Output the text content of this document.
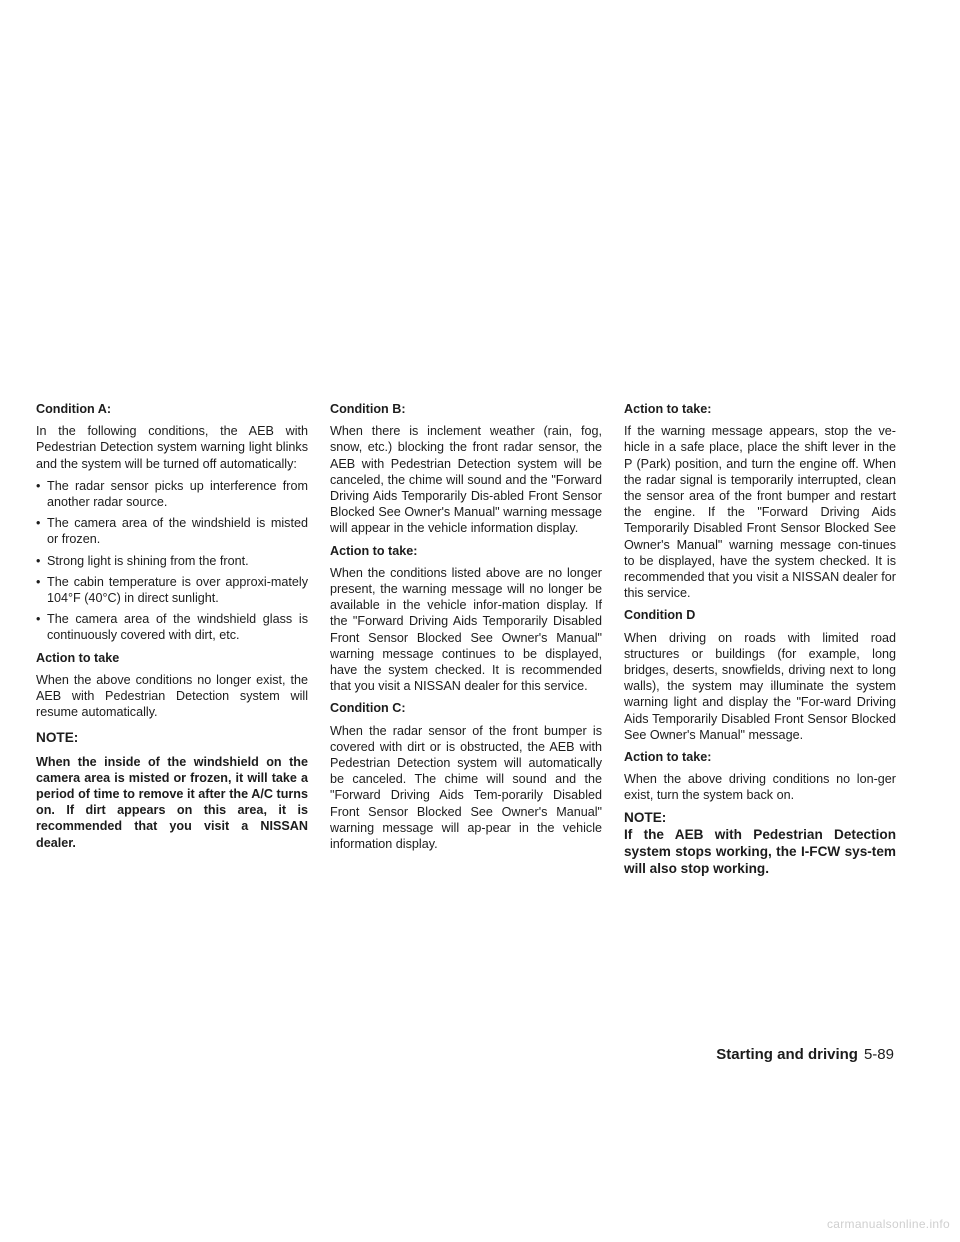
Condition A:

In the following conditions, the AEB with Pedestrian Detection system warning light blinks and the system will be turned off automatically:

• The radar sensor picks up interference from another radar source.
• The camera area of the windshield is misted or frozen.
• Strong light is shining from the front.
• The cabin temperature is over approxi-mately 104°F (40°C) in direct sunlight.
• The camera area of the windshield glass is continuously covered with dirt, etc.

Action to take

When the above conditions no longer exist, the AEB with Pedestrian Detection system will resume automatically.

NOTE:

When the inside of the windshield on the camera area is misted or frozen, it will take a period of time to remove it after the A/C turns on. If dirt appears on this area, it is recommended that you visit a NISSAN dealer.

Condition B:

When there is inclement weather (rain, fog, snow, etc.) blocking the front radar sensor, the AEB with Pedestrian Detection system will be canceled, the chime will sound and the "Forward Driving Aids Temporarily Dis-abled Front Sensor Blocked See Owner's Manual" warning message will appear in the vehicle information display.

Action to take:

When the conditions listed above are no longer present, the warning message will no longer be available in the vehicle infor-mation display. If the "Forward Driving Aids Temporarily Disabled Front Sensor Blocked See Owner's Manual" warning message continues to be displayed, have the system checked. It is recommended that you visit a NISSAN dealer for this service.

Condition C:

When the radar sensor of the front bumper is covered with dirt or is obstructed, the AEB with Pedestrian Detection system will automatically be canceled. The chime will sound and the "Forward Driving Aids Tem-porarily Disabled Front Sensor Blocked See Owner's Manual" warning message will ap-pear in the vehicle information display.

Action to take:

If the warning message appears, stop the ve-hicle in a safe place, place the shift lever in the P (Park) position, and turn the engine off. When the radar signal is temporarily interrupted, clean the sensor area of the front bumper and restart the engine. If the "Forward Driving Aids Temporarily Disabled Front Sensor Blocked See Owner's Manual" warning message con-tinues to be displayed, have the system checked. It is recommended that you visit a NISSAN dealer for this service.

Condition D

When driving on roads with limited road structures or buildings (for example, long bridges, deserts, snowfields, driving next to long walls), the system may illuminate the system warning light and display the "For-ward Driving Aids Temporarily Disabled Front Sensor Blocked See Owner's Manual" message.

Action to take:

When the above driving conditions no lon-ger exist, turn the system back on.

NOTE:

If the AEB with Pedestrian Detection system stops working, the I-FCW sys-tem will also stop working.

Starting and driving 5-89
carmanualsonline.info
